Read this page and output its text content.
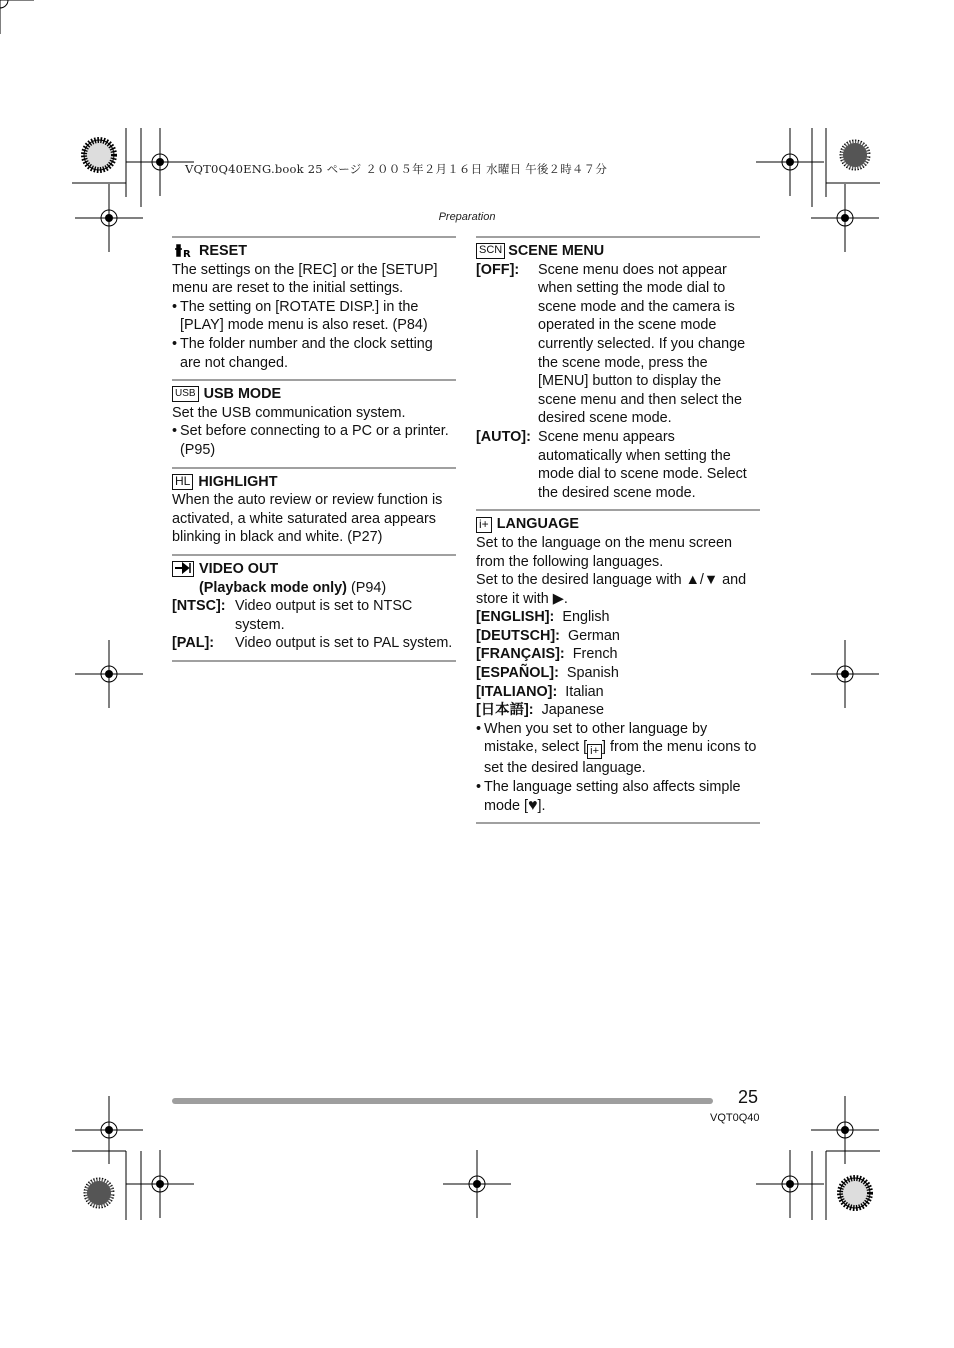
VQT0Q40ENG.book 25 ページ ２００５年２月１６日 水曜日 午後２時４７分
Preparation
R RESET
The settings on the [REC] or the [SETUP] menu are reset to the initial settings.
• The setting on [ROTATE DISP.] in the [PLAY] mode menu is also reset. (P84)
• The folder number and the clock setting are not changed.
USB USB MODE
Set the USB communication system.
• Set before connecting to a PC or a printer. (P95)
HL HIGHLIGHT
When the auto review or review function is activated, a white saturated area appears blinking in black and white. (P27)
VIDEO OUT
(Playback mode only) (P94)
[NTSC]: Video output is set to NTSC system.
[PAL]:	Video output is set to PAL system.
SCN SCENE MENU
[OFF]:	Scene menu does not appear when setting the mode dial to scene mode and the camera is operated in the scene mode currently selected. If you change the scene mode, press the [MENU] button to display the scene menu and then select the desired scene mode.
[AUTO]: Scene menu appears automatically when setting the mode dial to scene mode. Select the desired scene mode.
i+ LANGUAGE
Set to the language on the menu screen from the following languages.
Set to the desired language with ▲/▼ and store it with ▶.
[ENGLISH]: English
[DEUTSCH]: German
[FRANÇAIS]: French
[ESPAÑOL]: Spanish
[ITALIANO]: Italian
[日本語]: Japanese
• When you set to other language by mistake, select [ i+ ] from the menu icons to set the desired language.
• The language setting also affects simple mode [♥].
25
VQT0Q40
